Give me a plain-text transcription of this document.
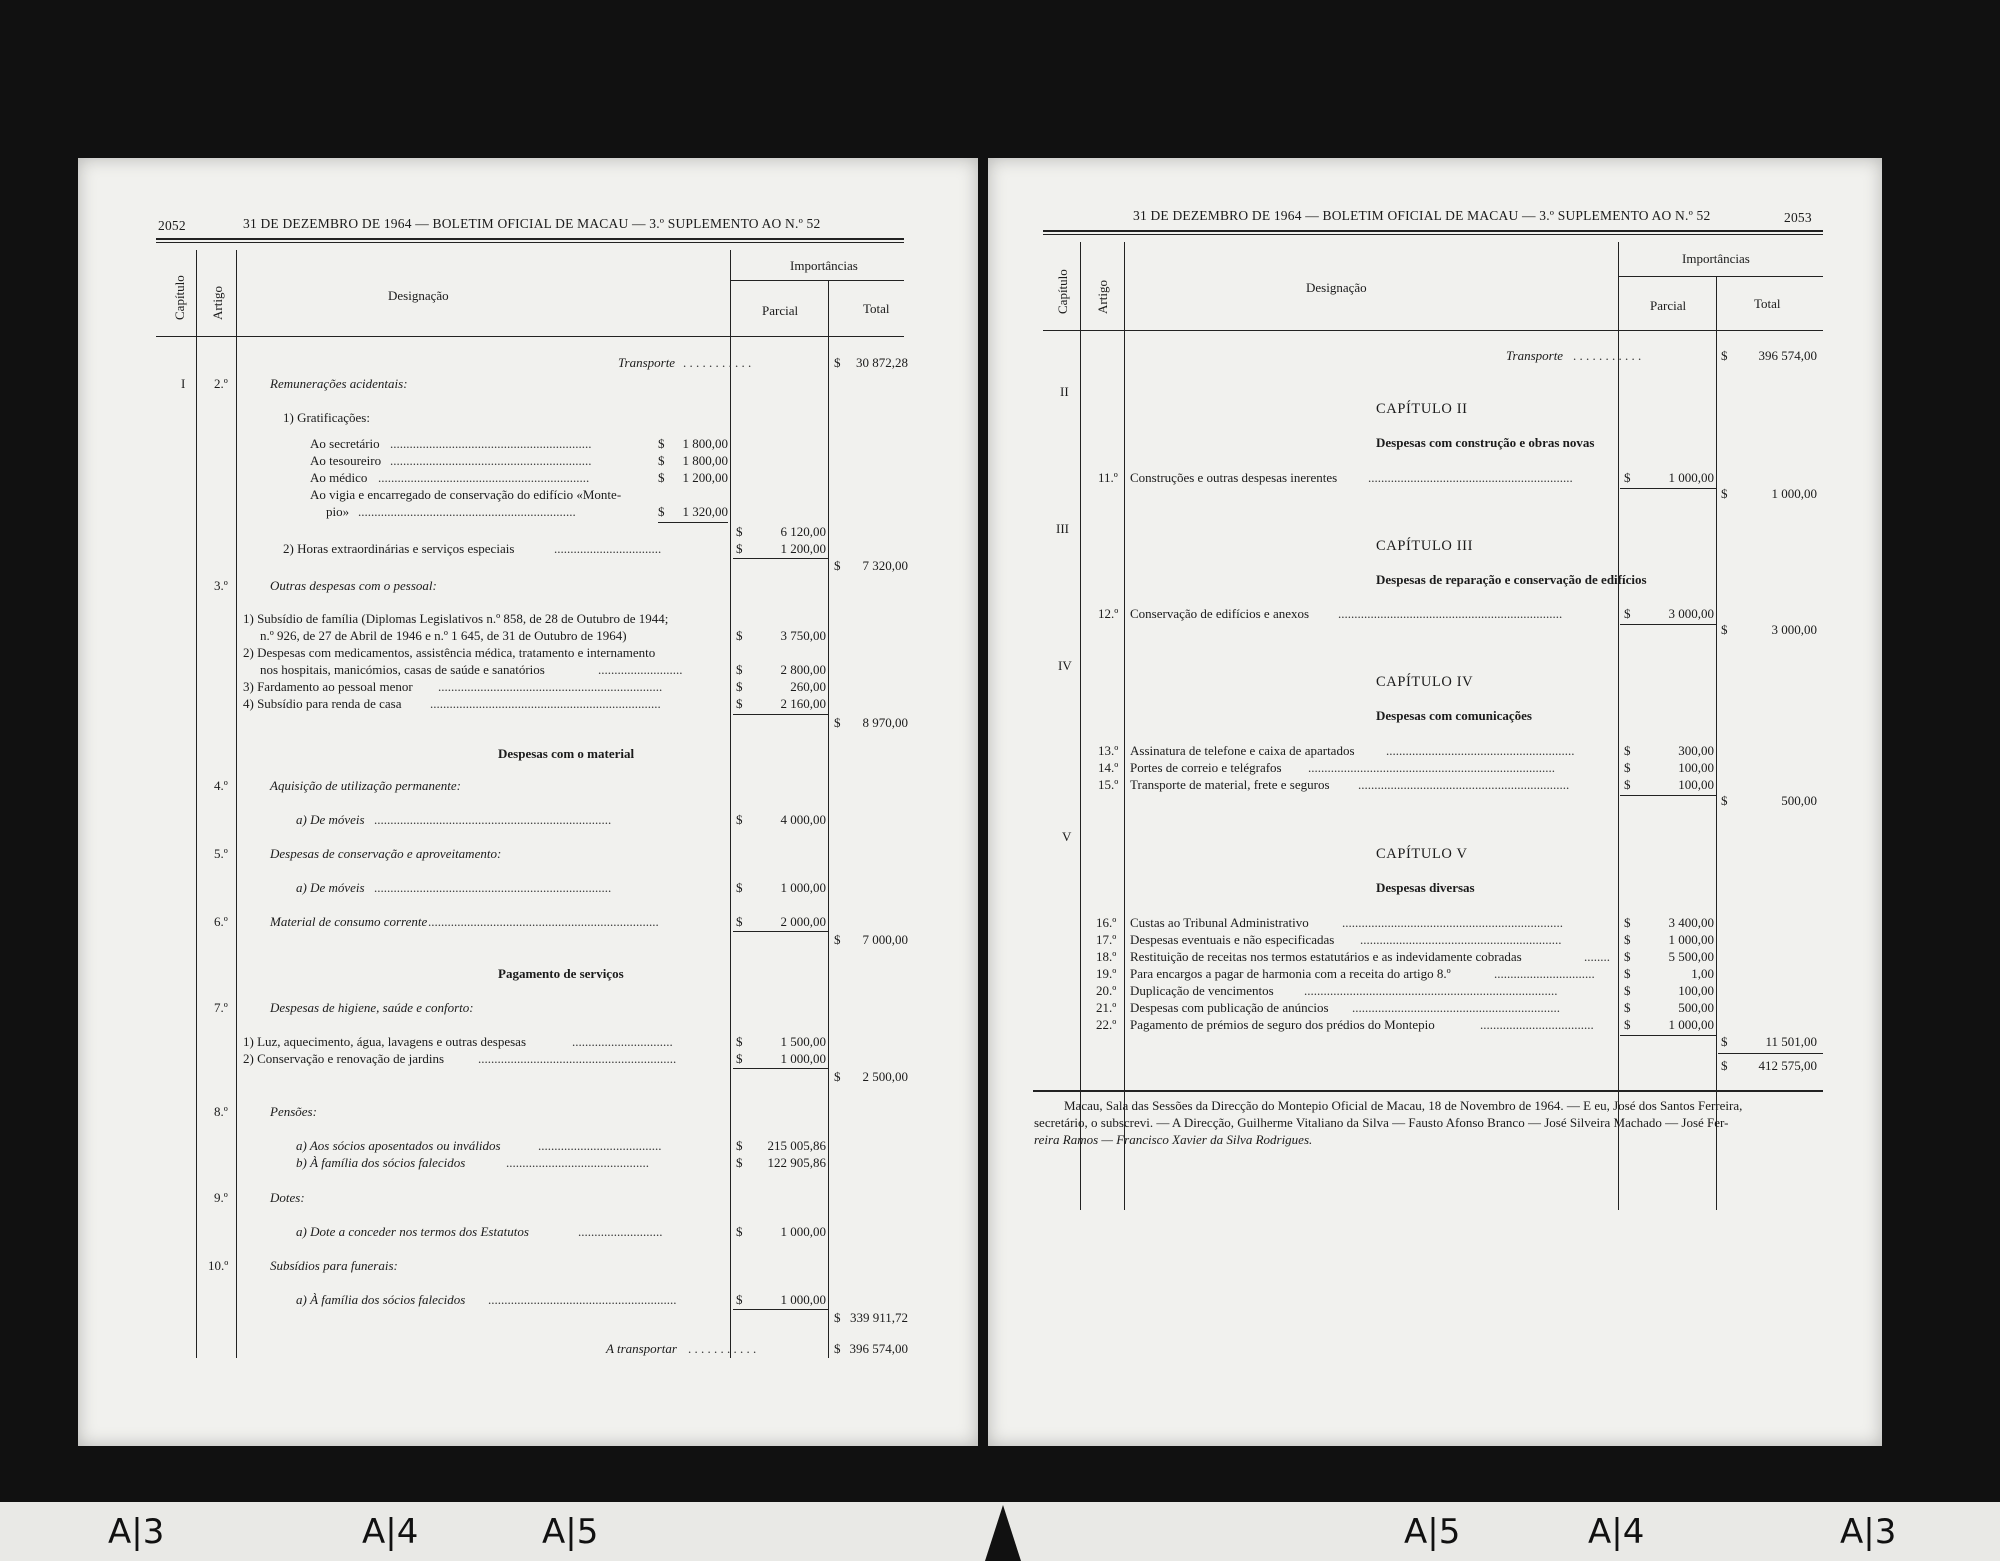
2052	31 DE DEZEMBRO DE 1964 — BOLETIM OFICIAL DE MACAU — 3.º SUPLEMENTO AO N.º 52
Capítulo Artigo	Designação
Importâncias
Parcial	Total
Transporte . . . . . . . . . . .	$	30 872,28
I 2.º	Remunerações acidentais:
1) Gratificações:
Ao secretário ..............................................................	$	1 800,00
Ao tesoureiro ..............................................................	$	1 800,00
Ao médico .................................................................	$	1 200,00
Ao vigia e encarregado de conservação do edifício «Monte-
pio» ...................................................................	$	1 320,00
$	6 120,00
2) Horas extraordinárias e serviços especiais	.................................	$	1 200,00
$	7 320,00
3.º	Outras despesas com o pessoal:
1) Subsídio de família (Diplomas Legislativos n.º 858, de 28 de Outubro de 1944;
n.º 926, de 27 de Abril de 1946 e n.º 1 645, de 31 de Outubro de 1964)	$	3 750,00
2) Despesas com medicamentos, assistência médica, tratamento e internamento
nos hospitais, manicómios, casas de saúde e sanatórios	..........................	$	2 800,00
3) Fardamento ao pessoal menor .....................................................................	$	260,00
4) Subsídio para renda de casa .......................................................................	$	2 160,00
$	8 970,00
Despesas com o material
4.º	Aquisição de utilização permanente:
a) De móveis .........................................................................	$	4 000,00
5.º	Despesas de conservação e aproveitamento:
a) De móveis .........................................................................	$	1 000,00
6.º	Material de consumo corrente .......................................................................	$	2 000,00
$	7 000,00
Pagamento de serviços
7.º	Despesas de higiene, saúde e conforto:
1) Luz, aquecimento, água, lavagens e outras despesas	...............................	$	1 500,00
2) Conservação e renovação de jardins	.............................................................	$	1 000,00
$	2 500,00
8.º	Pensões:
a) Aos sócios aposentados ou inválidos	......................................	$	215 005,86
b) À família dos sócios falecidos	............................................	$	122 905,86
9.º	Dotes:
a) Dote a conceder nos termos dos Estatutos	..........................	$	1 000,00
10.º	Subsídios para funerais:
a) À família dos sócios falecidos ..........................................................	$	1 000,00
$ 339 911,72
A transportar . . . . . . . . . . .	$ 396 574,00
31 DE DEZEMBRO DE 1964 — BOLETIM OFICIAL DE MACAU — 3.º SUPLEMENTO AO N.º 52	2053
Capítulo Artigo	Designação
Importâncias
Parcial	Total
Transporte . . . . . . . . . . .	$	396 574,00
II
CAPÍTULO II
Despesas com construção e obras novas
11.º Construções e outras despesas inerentes ...............................................................	$	1 000,00
$	1 000,00
III
CAPÍTULO III
Despesas de reparação e conservação de edifícios
12.º Conservação de edifícios e anexos .....................................................................	$	3 000,00
$	3 000,00
IV
CAPÍTULO IV
Despesas com comunicações
13.º Assinatura de telefone e caixa de apartados ..........................................................	$	300,00
14.º Portes de correio e telégrafos ............................................................................	$	100,00
15.º Transporte de material, frete e seguros .................................................................	$	100,00
$	500,00
V
CAPÍTULO V
Despesas diversas
16.º Custas ao Tribunal Administrativo	....................................................................	$	3 400,00
17.º Despesas eventuais e não especificadas ..............................................................	$	1 000,00
18.º Restituição de receitas nos termos estatutários e as indevidamente cobradas	........ $	5 500,00
19.º Para encargos a pagar de harmonia com a receita do artigo 8.º	............................... $	1,00
20.º Duplicação de vencimentos ..............................................................................	$	100,00
21.º Despesas com publicação de anúncios ................................................................	$	500,00
22.º Pagamento de prémios de seguro dos prédios do Montepio	................................... $	1 000,00
$	11 501,00
$	412 575,00
Macau, Sala das Sessões da Direcção do Montepio Oficial de Macau, 18 de Novembro de 1964. — E eu, José dos Santos Ferreira,
secretário, o subscrevi. — A Direcção, Guilherme Vitaliano da Silva — Fausto Afonso Branco — José Silveira Machado — José Fer-
reira Ramos — Francisco Xavier da Silva Rodrigues.
A|3	A|4	A|5	A|5	A|4	A|3
